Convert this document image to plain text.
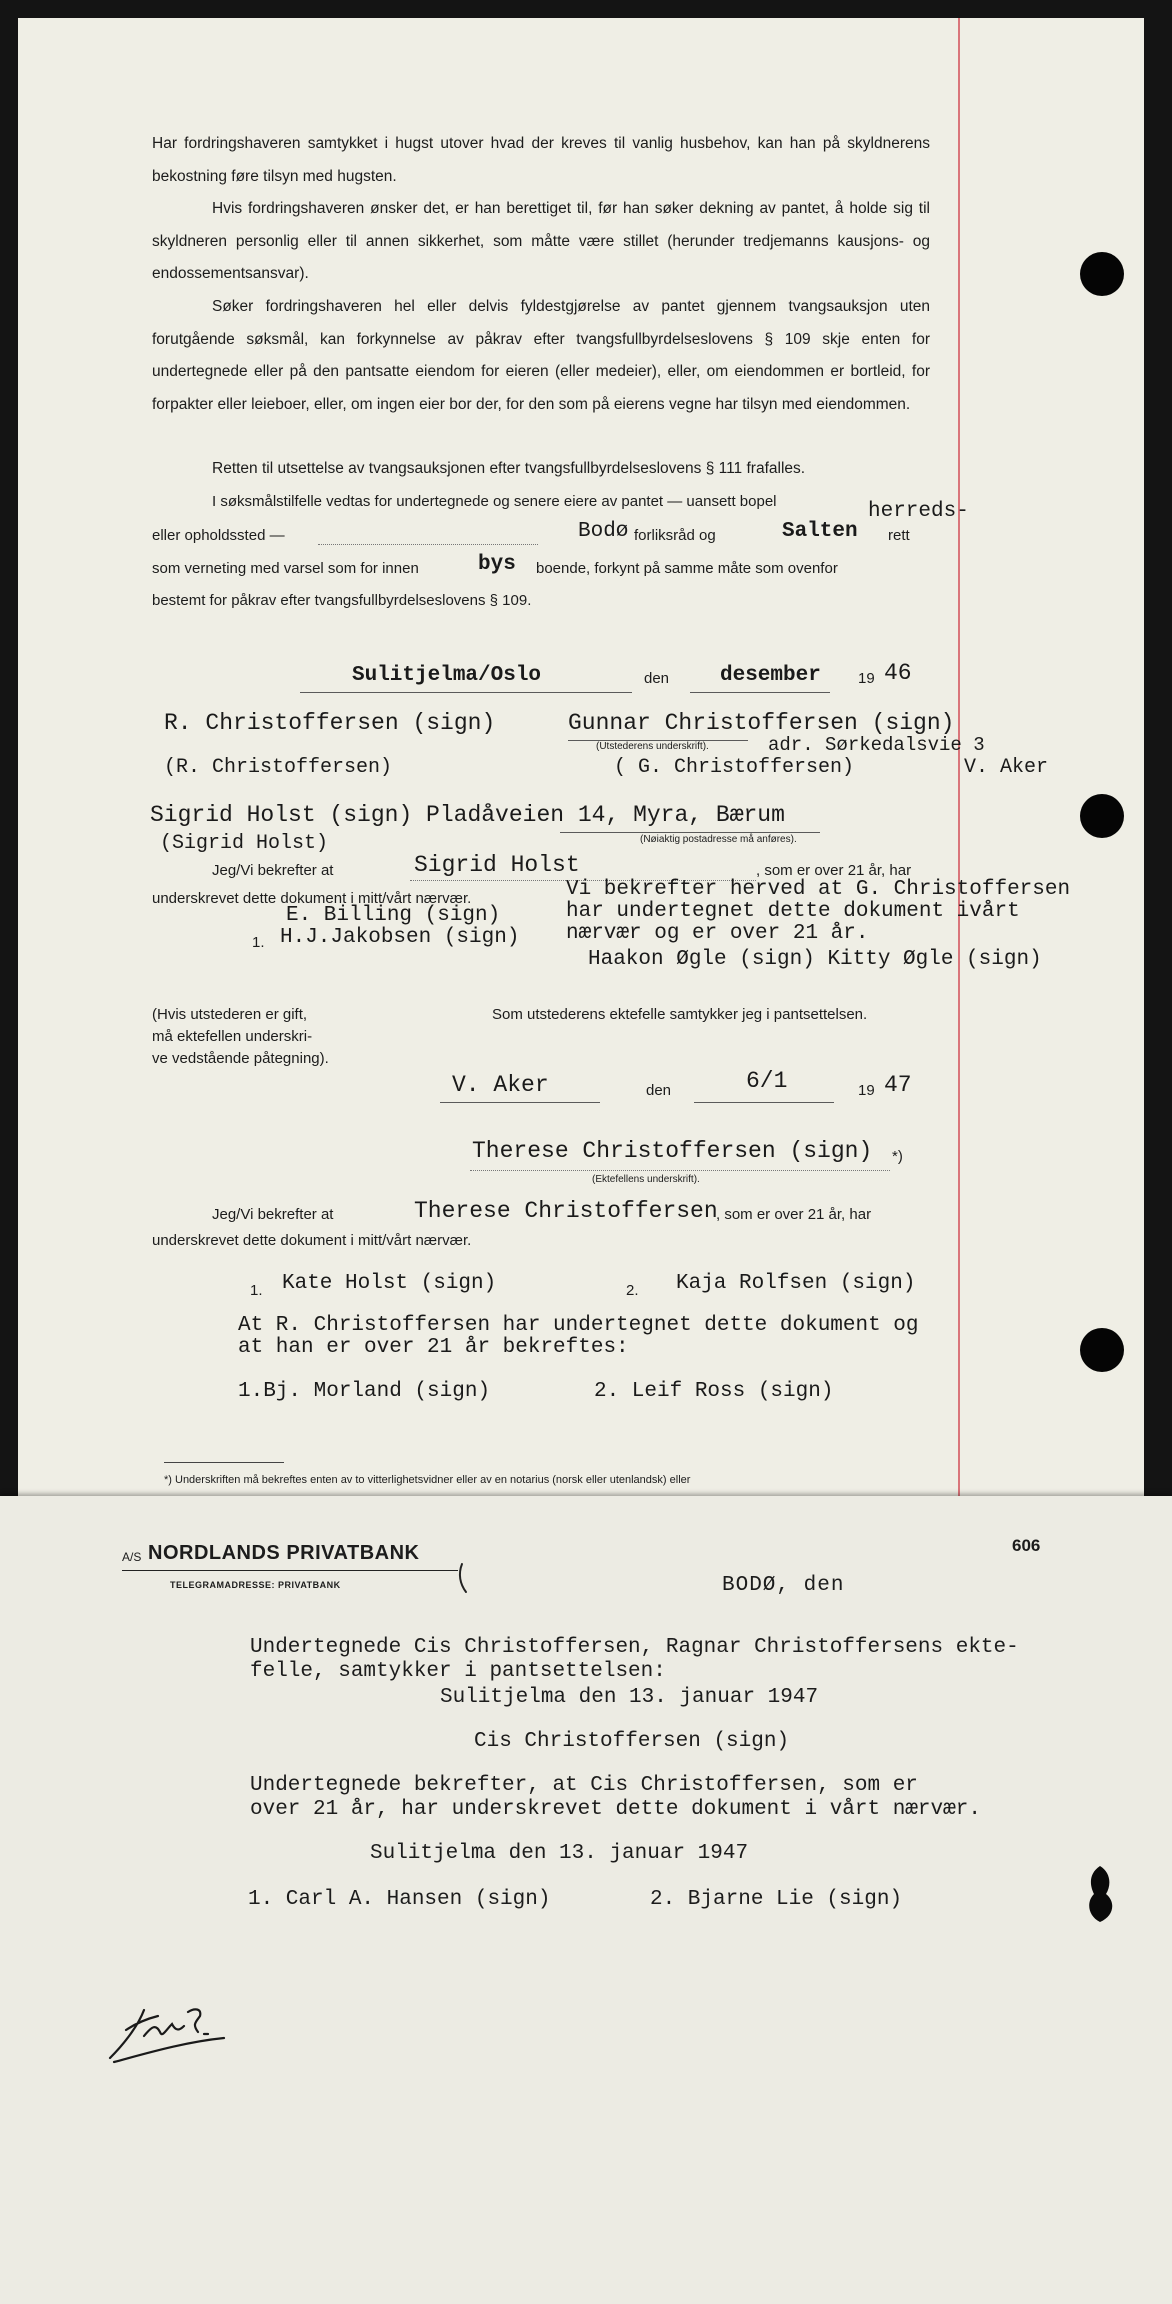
Har fordringshaveren samtykket i hugst utover hvad der kreves til vanlig husbehov, kan han på skyldnerens bekostning føre tilsyn med hugsten.
Hvis fordringshaveren ønsker det, er han berettiget til, før han søker dekning av pantet, å holde sig til skyldneren personlig eller til annen sikkerhet, som måtte være stillet (herunder tredjemanns kausjons- og endossementsansvar).
Søker fordringshaveren hel eller delvis fyldestgjørelse av pantet gjennem tvangsauksjon uten forutgående søksmål, kan forkynnelse av påkrav efter tvangsfullbyrdelseslovens § 109 skje enten for undertegnede eller på den pantsatte eiendom for eieren (eller medeier), eller, om eiendommen er bortleid, for forpakter eller leieboer, eller, om ingen eier bor der, for den som på eierens vegne har tilsyn med eiendommen.
Retten til utsettelse av tvangsauksjonen efter tvangsfullbyrdelseslovens § 111 frafalles.
I søksmålstilfelle vedtas for undertegnede og senere eiere av pantet — uansett bopel
eller opholdssted —	Bodø forliksråd og	Salten
herreds-
rett
som verneting med varsel som for innen	bys boende, forkynt på samme måte som ovenfor
bestemt for påkrav efter tvangsfullbyrdelseslovens § 109.
Sulitjelma/Oslo	den desember 19 46
R. Christoffersen (sign)	Gunnar Christoffersen (sign)
(Utstederens underskrift).	adr. Sørkedalsvie 3
(R. Christoffersen)	( G. Christoffersen)	V. Aker
Sigrid Holst (sign) Pladåveien 14, Myra, Bærum
(Nøiaktig postadresse må anføres).
(Sigrid Holst)
Jeg/Vi bekrefter at	Sigrid Holst	, som er over 21 år, har
underskrevet dette dokument i mitt/vårt nærvær.
E. Billing (sign)
1. H.J.Jakobsen (sign)
Vi bekrefter herved at G. Christoffersen
har undertegnet dette dokument ivårt
nærvær og er over 21 år.
Haakon Øgle (sign) Kitty Øgle (sign)
(Hvis utstederen er gift,
må ektefellen underskri-
ve vedstående påtegning).
Som utstederens ektefelle samtykker jeg i pantsettelsen.
V. Aker	den	6/1	19 47
Therese Christoffersen (sign) *)
(Ektefellens underskrift).
Jeg/Vi bekrefter at	Therese Christoffersen
, som er over 21 år, har
underskrevet dette dokument i mitt/vårt nærvær.
1. Kate Holst (sign)	2. Kaja Rolfsen (sign)
At R. Christoffersen har undertegnet dette dokument og
at han er over 21 år bekreftes:
1.Bj. Morland (sign)	2. Leif Ross (sign)
*) Underskriften må bekreftes enten av to vitterlighetsvidner eller av en notarius (norsk eller utenlandsk) eller
A/S NORDLANDS PRIVATBANK
TELEGRAMADRESSE: PRIVATBANK
606
BODØ, den
Undertegnede Cis Christoffersen, Ragnar Christoffersens ekte-
felle, samtykker i pantsettelsen:
Sulitjelma den 13. januar 1947
Cis Christoffersen (sign)
Undertegnede bekrefter, at Cis Christoffersen, som er
over 21 år, har underskrevet dette dokument i vårt nærvær.
Sulitjelma den 13. januar 1947
1. Carl A. Hansen (sign)	2. Bjarne Lie (sign)
